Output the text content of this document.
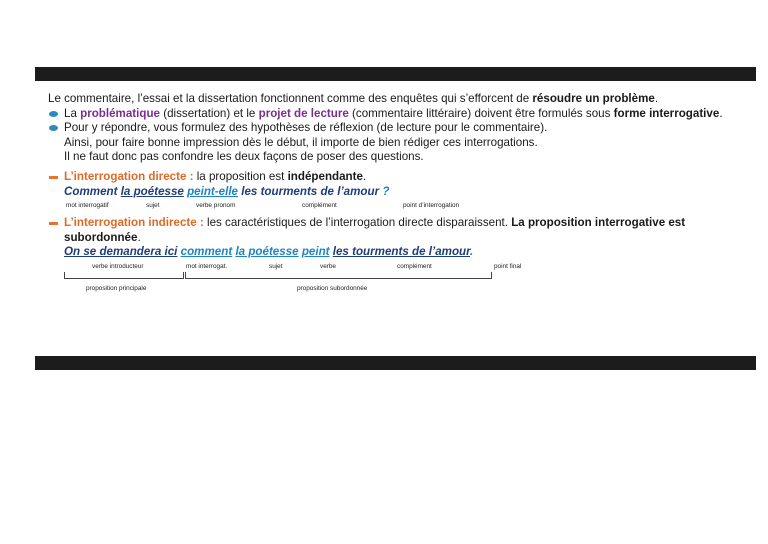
Le commentaire, l’essai et la dissertation fonctionnent comme des enquêtes qui s’efforcent de résoudre un problème.

La problématique (dissertation) et le projet de lecture (commentaire littéraire) doivent être formulés sous forme interrogative.

Pour y répondre, vous formulez des hypothèses de réflexion (de lecture pour le commentaire).
Ainsi, pour faire bonne impression dès le début, il importe de bien rédiger ces interrogations.
Il ne faut donc pas confondre les deux façons de poser des questions.

L’interrogation directe : la proposition est indépendante.

Comment la poétesse peint-elle les tourments de l’amour ?

mot interrogatif	sujet	verbe pronom	complément	point d’interrogation

L’interrogation indirecte : les caractéristiques de l’interrogation directe disparaissent. La proposition interrogative est subordonnée.

On se demandera ici comment la poétesse peint les tourments de l’amour.

verbe introducteur	mot interrogat.	sujet	verbe	complément	point final
proposition principale	proposition subordonnée
